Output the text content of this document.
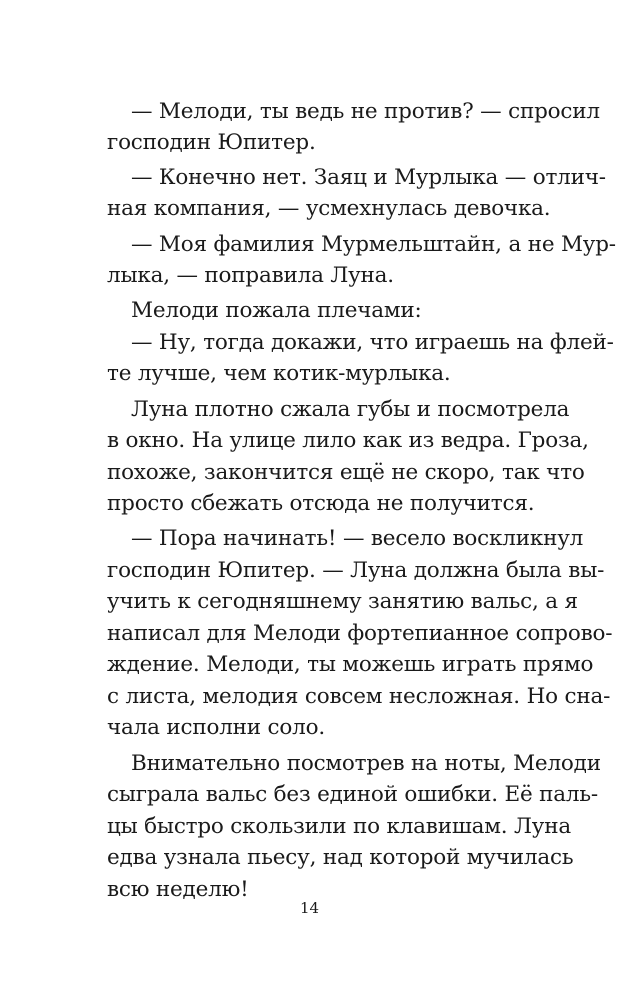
— Мелоди, ты ведь не против? — спросил
господин Юпитер.
— Конечно нет. Заяц и Мурлыка — отлич-
ная компания, — усмехнулась девочка.
— Моя фамилия Мурмельштайн, а не Мур-
лыка, — поправила Луна.
Мелоди пожала плечами:
— Ну, тогда докажи, что играешь на флей-
те лучше, чем котик-мурлыка.
Луна плотно сжала губы и посмотрела
в окно. На улице лило как из ведра. Гроза,
похоже, закончится ещё не скоро, так что
просто сбежать отсюда не получится.
— Пора начинать! — весело воскликнул
господин Юпитер. — Луна должна была вы-
учить к сегодняшнему занятию вальс, а я
написал для Мелоди фортепианное сопрово-
ждение. Мелоди, ты можешь играть прямо
с листа, мелодия совсем несложная. Но сна-
чала исполни соло.
Внимательно посмотрев на ноты, Мелоди
сыграла вальс без единой ошибки. Её паль-
цы быстро скользили по клавишам. Луна
едва узнала пьесу, над которой мучилась
всю неделю!
14
